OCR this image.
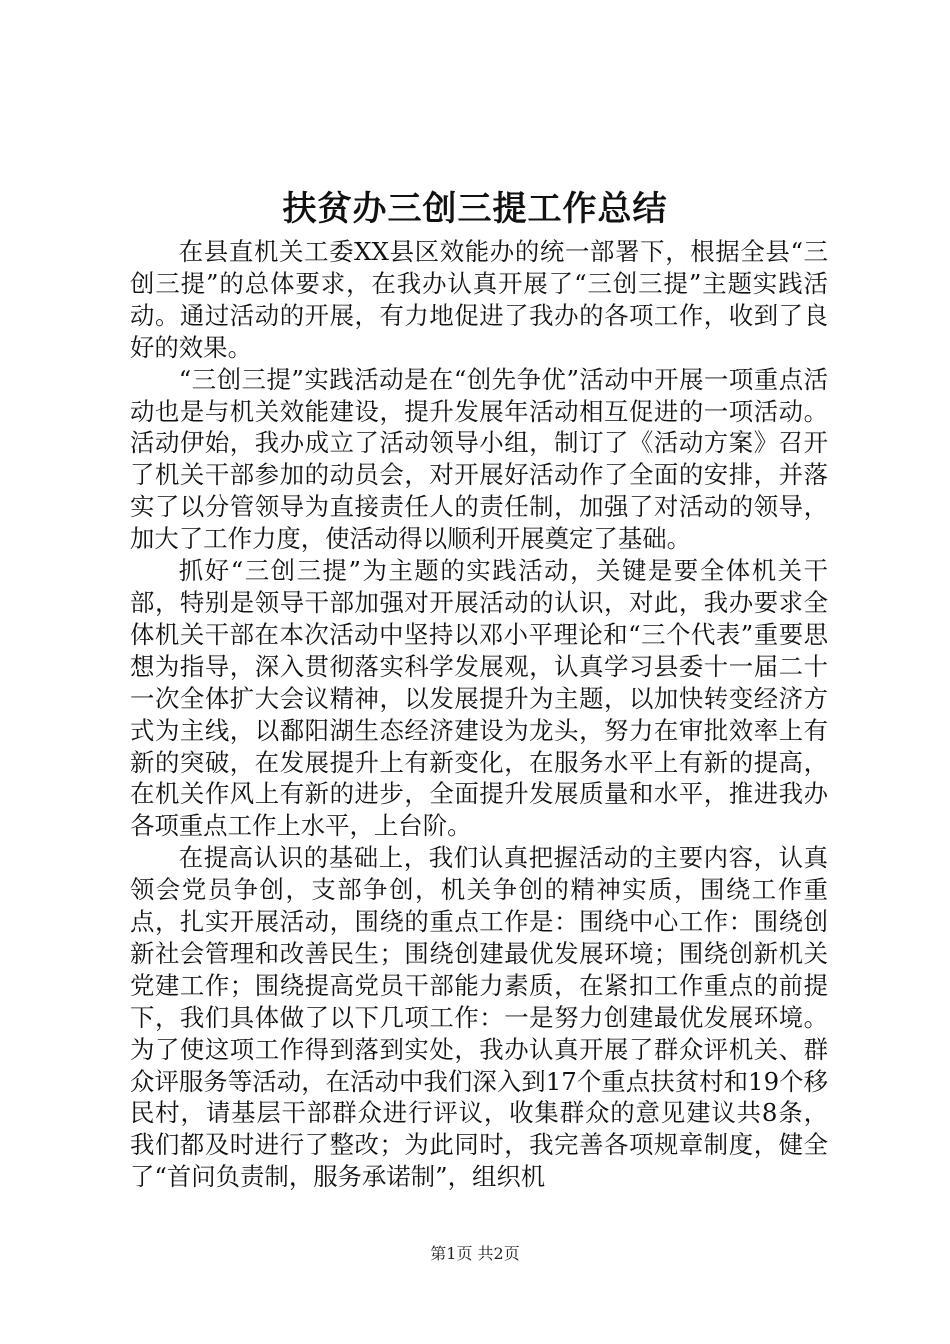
扶贫办三创三提工作总结

在县直机关工委XX县区效能办的统一部署下，根据全县“三创三提”的总体要求，在我办认真开展了“三创三提”主题实践活动。通过活动的开展，有力地促进了我办的各项工作，收到了良好的效果。

“三创三提”实践活动是在“创先争优”活动中开展一项重点活动也是与机关效能建设，提升发展年活动相互促进的一项活动。活动伊始，我办成立了活动领导小组，制订了《活动方案》召开了机关干部参加的动员会，对开展好活动作了全面的安排，并落实了以分管领导为直接责任人的责任制，加强了对活动的领导，加大了工作力度，使活动得以顺利开展奠定了基础。

抓好“三创三提”为主题的实践活动，关键是要全体机关干部，特别是领导干部加强对开展活动的认识，对此，我办要求全体机关干部在本次活动中坚持以邓小平理论和“三个代表”重要思想为指导，深入贯彻落实科学发展观，认真学习县委十一届二十一次全体扩大会议精神，以发展提升为主题，以加快转变经济方式为主线，以鄱阳湖生态经济建设为龙头，努力在审批效率上有新的突破，在发展提升上有新变化，在服务水平上有新的提高，在机关作风上有新的进步，全面提升发展质量和水平，推进我办各项重点工作上水平，上台阶。

在提高认识的基础上，我们认真把握活动的主要内容，认真领会党员争创，支部争创，机关争创的精神实质，围绕工作重点，扎实开展活动，围绕的重点工作是：围绕中心工作：围绕创新社会管理和改善民生；围绕创建最优发展环境；围绕创新机关党建工作；围绕提高党员干部能力素质，在紧扣工作重点的前提下，我们具体做了以下几项工作：一是努力创建最优发展环境。为了使这项工作得到落到实处，我办认真开展了群众评机关、群众评服务等活动，在活动中我们深入到17个重点扶贫村和19个移民村，请基层干部群众进行评议，收集群众的意见建议共8条，我们都及时进行了整改；为此同时，我完善各项规章制度，健全了“首问负责制，服务承诺制”，组织机

第1页 共2页
